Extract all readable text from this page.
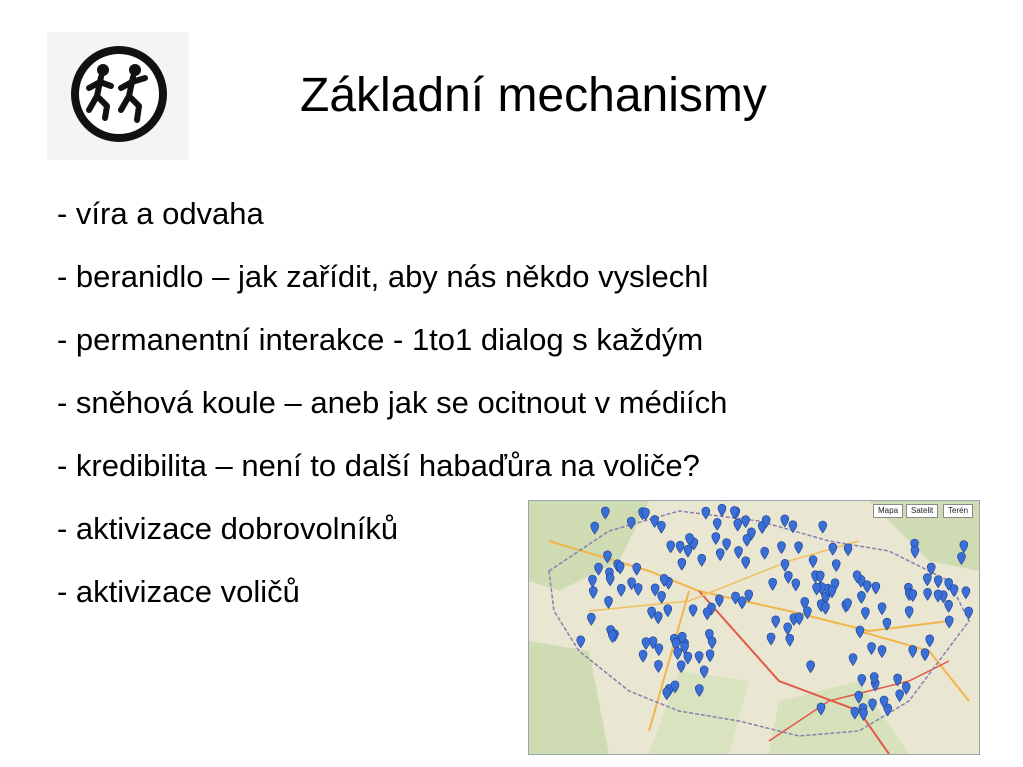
Základní mechanismy
- víra a odvaha
- beranidlo – jak zařídit, aby nás někdo vyslechl
- permanentní interakce - 1to1 dialog s každým
- sněhová koule – aneb jak se ocitnout v médiích
- kredibilita – není to další habaďůra na voliče?
- aktivizace dobrovolníků
- aktivizace voličů
Mapa	Satelit	Terén
